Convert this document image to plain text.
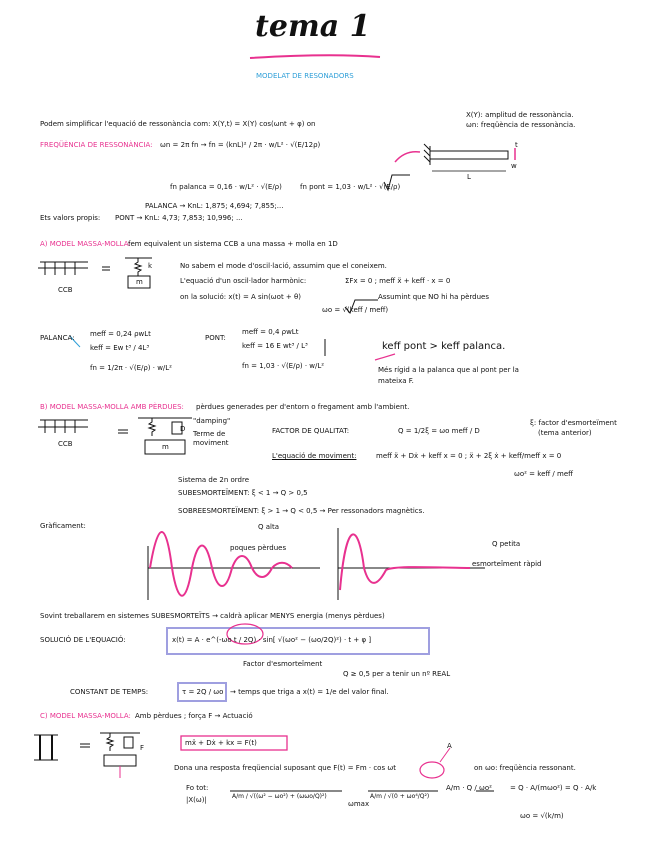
tema 1
MODELAT DE RESONADORS
Podem simplificar l'equació de ressonància com: X(Y,t) = X(Y) cos(ωnt + φ) on
X(Y): amplitud de ressonància.
ωn: freqüència de ressonància.
FREQÜÈNCIA DE RESSONÀNCIA: ωn = 2π fn → fn = (knL)² / 2π · w/L² · √(E/12ρ)	t
L
w
fn palanca = 0,16 · w/L² · √(E/ρ)	fn pont = 1,03 · w/L² · √(E/ρ)
PALANCA → KnL: 1,875; 4,694; 7,855;...
Ets valors propis: PONT → KnL: 4,73; 7,853; 10,996; ...
A) MODEL MASSA-MOLLA:
fem equivalent un sistema CCB a una massa + molla en 1D
CCB
k
m
No sabem el mode d'oscil·lació, assumim que el coneixem.
L'equació d'un oscil·lador harmònic:	ΣFx = 0 ; meff ẍ + keff · x = 0
on la solució: x(t) = A sin(ωot + θ)	Assumint que NO hi ha pèrdues
ωo = √(keff / meff)
PALANCA: meff = 0,24 ρwLt
keff = Ew t³ / 4L³
fn = 1/2π · √(E/ρ) · w/L²
PONT:
meff = 0,4 ρwLt
keff = 16 E wt³ / L³
fn = 1,03 · √(E/ρ) · w/L²
keff pont > keff palanca.
Més rígid a la palanca que al pont per la
mateixa F.
B) MODEL MASSA-MOLLA AMB PÈRDUES: pèrdues generades per d'entorn o fregament amb l'ambient.
CCB
"damping"
Terme de moviment
D
m
FACTOR DE QUALITAT:	Q = 1/2ξ = ωo meff / D
ξ: factor d'esmorteïment
(tema anterior)
L'equació de moviment:	meff ẍ + Dẋ + keff x = 0 ; ẍ + 2ξ ẋ + keff/meff x = 0
ωo² = keff / meff
Sistema de 2n ordre
SUBESMORTEÏMENT: ξ < 1 → Q > 0,5
SOBREESMORTEÏMENT: ξ > 1 → Q < 0,5 → Per ressonadors magnètics.
Gràficament:	Q alta
poques pèrdues	Q petita
esmorteïment ràpid
Sovint treballarem en sistemes SUBESMORTEÏTS → caldrà aplicar MENYS energia (menys pèrdues)
SOLUCIÓ DE L'EQUACIÓ:	x(t) = A · e^(-ωo t / 2Q) · sin[ √(ωo² − (ωo/2Q)²) · t + φ ]
Factor d'esmorteïment
Q ≥ 0,5 per a tenir un nº REAL
CONSTANT DE TEMPS:	τ = 2Q / ωo → temps que triga a x(t) = 1/e del valor final.
C) MODEL MASSA-MOLLA: Amb pèrdues ; força F → Actuació
mẍ + Dẋ + kx = F(t)	A
F
Dona una resposta freqüencial suposant que F(t) = Fm · cos ωt	on ωo: freqüència ressonant.
Fo tot:
|X(ω)|	A/m / √((ω² − ωo²) + (ωωo/Q)²)
ωmax
A/m / √(0 + ωo⁴/Q²)
A/m · Q / ωo²	= Q · A/(mωo²) = Q · A/k
ωo = √(k/m)
